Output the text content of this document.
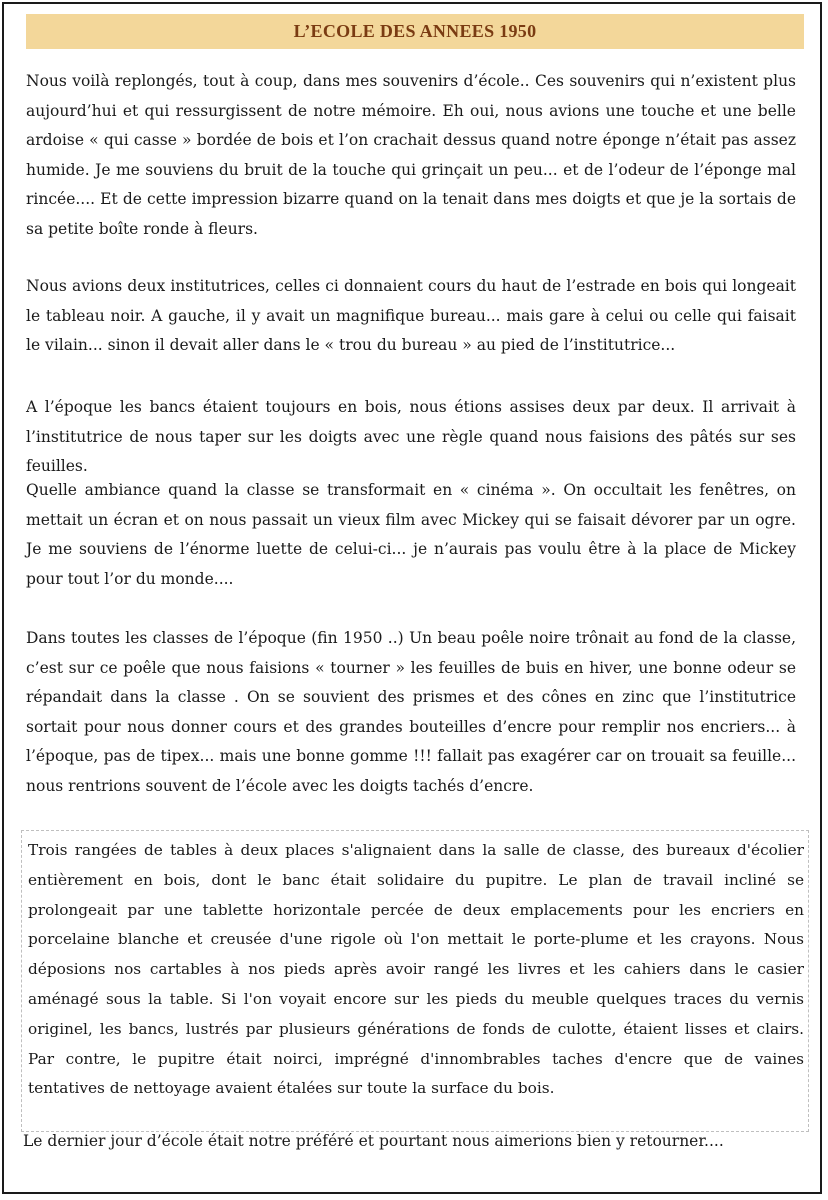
L’ECOLE DES ANNEES 1950

Nous voilà replongés, tout à coup, dans mes souvenirs d’école.. Ces souvenirs qui n’existent plus aujourd’hui et qui ressurgissent de notre mémoire. Eh oui, nous avions une touche et une belle ardoise « qui casse » bordée de bois et l’on crachait dessus quand notre éponge n’était pas assez humide. Je me souviens du bruit de la touche qui grinçait un peu... et de l’odeur de l’éponge mal rincée.... Et de cette impression bizarre quand on la tenait dans mes doigts et que je la sortais de sa petite boîte ronde à fleurs.

Nous avions deux institutrices, celles ci donnaient cours du haut de l’estrade en bois qui longeait le tableau noir. A gauche, il y avait un magnifique bureau... mais gare à celui ou celle qui faisait le vilain... sinon il devait aller dans le « trou du bureau » au pied de l’institutrice...

A l’époque les bancs étaient toujours en bois, nous étions assises deux par deux. Il arrivait à l’institutrice de nous taper sur les doigts avec une règle quand nous faisions des pâtés sur ses feuilles.

Quelle ambiance quand la classe se transformait en « cinéma ». On occultait les fenêtres, on mettait un écran et on nous passait un vieux film avec Mickey qui se faisait dévorer par un ogre. Je me souviens de l’énorme luette de celui-ci... je n’aurais pas voulu être à la place de Mickey pour tout l’or du monde....

Dans toutes les classes de l’époque (fin 1950 ..) Un beau poêle noire trônait au fond de la classe, c’est sur ce poêle que nous faisions « tourner » les feuilles de buis en hiver, une bonne odeur se répandait dans la classe . On se souvient des prismes et des cônes en zinc que l’institutrice sortait pour nous donner cours et des grandes bouteilles d’encre pour remplir nos encriers... à l’époque, pas de tipex... mais une bonne gomme !!! fallait pas exagérer car on trouait sa feuille... nous rentrions souvent de l’école avec les doigts tachés d’encre.

Trois rangées de tables à deux places s'alignaient dans la salle de classe, des bureaux d'écolier entièrement en bois, dont le banc était solidaire du pupitre. Le plan de travail incliné se prolongeait par une tablette horizontale percée de deux emplacements pour les encriers en porcelaine blanche et creusée d'une rigole où l'on mettait le porte-plume et les crayons. Nous déposions nos cartables à nos pieds après avoir rangé les livres et les cahiers dans le casier aménagé sous la table. Si l'on voyait encore sur les pieds du meuble quelques traces du vernis originel, les bancs, lustrés par plusieurs générations de fonds de culotte, étaient lisses et clairs. Par contre, le pupitre était noirci, imprégné d'innombrables taches d'encre que de vaines tentatives de nettoyage avaient étalées sur toute la surface du bois.

Le dernier jour d’école était notre préféré et pourtant nous aimerions bien y retourner....
